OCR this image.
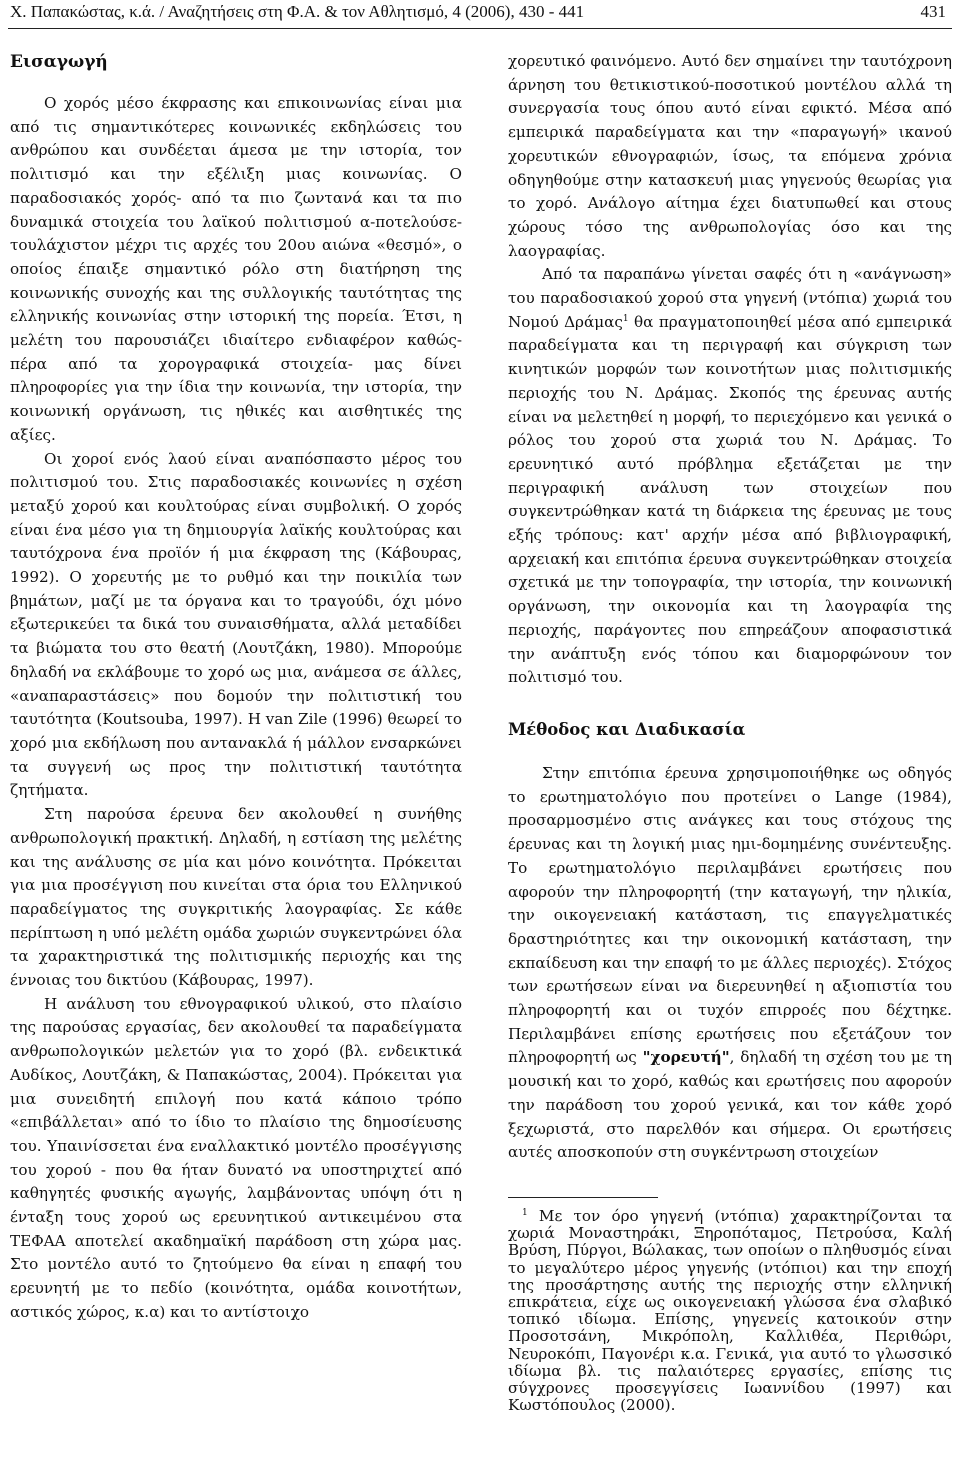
Χ. Παπακώστας, κ.ά. / Αναζητήσεις στη Φ.Α. & τον Αθλητισμό, 4 (2006), 430 - 441	431
Εισαγωγή

Ο χορός μέσο έκφρασης και επικοινωνίας είναι μια από τις σημαντικότερες κοινωνικές εκδηλώσεις του ανθρώπου και συνδέεται άμεσα με την ιστορία, τον πολιτισμό και την εξέλιξη μιας κοινωνίας. Ο παραδοσιακός χορός- από τα πιο ζωντανά και τα πιο δυναμικά στοιχεία του λαϊκού πολιτισμού α-ποτελούσε- τουλάχιστον μέχρι τις αρχές του 20ου αιώνα «θεσμό», ο οποίος έπαιξε σημαντικό ρόλο στη διατήρηση της κοινωνικής συνοχής και της συλλογικής ταυτότητας της ελληνικής κοινωνίας στην ιστορική της πορεία. Έτσι, η μελέτη του παρουσιάζει ιδιαίτερο ενδιαφέρον καθώς- πέρα από τα χορογραφικά στοιχεία- μας δίνει πληροφορίες για την ίδια την κοινωνία, την ιστορία, την κοινωνική οργάνωση, τις ηθικές και αισθητικές της αξίες.

Οι χοροί ενός λαού είναι αναπόσπαστο μέρος του πολιτισμού του. Στις παραδοσιακές κοινωνίες η σχέση μεταξύ χορού και κουλτούρας είναι συμβολική. Ο χορός είναι ένα μέσο για τη δημιουργία λαϊκής κουλτούρας και ταυτόχρονα ένα προϊόν ή μια έκφραση της (Κάβουρας, 1992). Ο χορευτής με το ρυθμό και την ποικιλία των βημάτων, μαζί με τα όργανα και το τραγούδι, όχι μόνο εξωτερικεύει τα δικά του συναισθήματα, αλλά μεταδίδει τα βιώματα του στο θεατή (Λουτζάκη, 1980). Μπορούμε δηλαδή να εκλάβουμε το χορό ως μια, ανάμεσα σε άλλες, «αναπαραστάσεις» που δομούν την πολιτιστική του ταυτότητα (Koutsouba, 1997). Η van Zile (1996) θεωρεί το χορό μια εκδήλωση που αντανακλά ή μάλλον ενσαρκώνει τα συγγενή ως προς την πολιτιστική ταυτότητα ζητήματα.

Στη παρούσα έρευνα δεν ακολουθεί η συνήθης ανθρωπολογική πρακτική. Δηλαδή, η εστίαση της μελέτης και της ανάλυσης σε μία και μόνο κοινότητα. Πρόκειται για μια προσέγγιση που κινείται στα όρια του Ελληνικού παραδείγματος της συγκριτικής λαογραφίας. Σε κάθε περίπτωση η υπό μελέτη ομάδα χωριών συγκεντρώνει όλα τα χαρακτηριστικά της πολιτισμικής περιοχής και της έννοιας του δικτύου (Κάβουρας, 1997).

Η ανάλυση του εθνογραφικού υλικού, στο πλαίσιο της παρούσας εργασίας, δεν ακολουθεί τα παραδείγματα ανθρωπολογικών μελετών για το χορό (βλ. ενδεικτικά Αυδίκος, Λουτζάκη, & Παπακώστας, 2004). Πρόκειται για μια συνειδητή επιλογή που κατά κάποιο τρόπο «επιβάλλεται» από το ίδιο το πλαίσιο της δημοσίευσης του. Υπαινίσσεται ένα εναλλακτικό μοντέλο προσέγγισης του χορού - που θα ήταν δυνατό να υποστηριχτεί από καθηγητές φυσικής αγωγής, λαμβάνοντας υπόψη ότι η ένταξη τους χορού ως ερευνητικού αντικειμένου στα ΤΕΦΑΑ αποτελεί ακαδημαϊκή παράδοση στη χώρα μας. Στο μοντέλο αυτό το ζητούμενο θα είναι η επαφή του ερευνητή με το πεδίο (κοινότητα, ομάδα κοινοτήτων, αστικός χώρος, κ.α) και το αντίστοιχο

χορευτικό φαινόμενο. Αυτό δεν σημαίνει την ταυτόχρονη άρνηση του θετικιστικού-ποσοτικού μοντέλου αλλά τη συνεργασία τους όπου αυτό είναι εφικτό. Μέσα από εμπειρικά παραδείγματα και την «παραγωγή» ικανού χορευτικών εθνογραφιών, ίσως, τα επόμενα χρόνια οδηγηθούμε στην κατασκευή μιας γηγενούς θεωρίας για το χορό. Ανάλογο αίτημα έχει διατυπωθεί και στους χώρους τόσο της ανθρωπολογίας όσο και της λαογραφίας.

Από τα παραπάνω γίνεται σαφές ότι η «ανάγνωση» του παραδοσιακού χορού στα γηγενή (ντόπια) χωριά του Νομού Δράμας$^1$ θα πραγματοποιηθεί μέσα από εμπειρικά παραδείγματα και τη περιγραφή και σύγκριση των κινητικών μορφών των κοινοτήτων μιας πολιτισμικής περιοχής του Ν. Δράμας. Σκοπός της έρευνας αυτής είναι να μελετηθεί η μορφή, το περιεχόμενο και γενικά ο ρόλος του χορού στα χωριά του Ν. Δράμας. Το ερευνητικό αυτό πρόβλημα εξετάζεται με την περιγραφική ανάλυση των στοιχείων που συγκεντρώθηκαν κατά τη διάρκεια της έρευνας με τους εξής τρόπους: κατ' αρχήν μέσα από βιβλιογραφική, αρχειακή και επιτόπια έρευνα συγκεντρώθηκαν στοιχεία σχετικά με την τοπογραφία, την ιστορία, την κοινωνική οργάνωση, την οικονομία και τη λαογραφία της περιοχής, παράγοντες που επηρεάζουν αποφασιστικά την ανάπτυξη ενός τόπου και διαμορφώνουν τον πολιτισμό του.

Μέθοδος και Διαδικασία

Στην επιτόπια έρευνα χρησιμοποιήθηκε ως οδηγός το ερωτηματολόγιο που προτείνει ο Lange (1984), προσαρμοσμένο στις ανάγκες και τους στόχους της έρευνας και τη λογική μιας ημι-δομημένης συνέντευξης. Το ερωτηματολόγιο περιλαμβάνει ερωτήσεις που αφορούν την πληροφορητή (την καταγωγή, την ηλικία, την οικογενειακή κατάσταση, τις επαγγελματικές δραστηριότητες και την οικονομική κατάσταση, την εκπαίδευση και την επαφή το με άλλες περιοχές). Στόχος των ερωτήσεων είναι να διερευνηθεί η αξιοπιστία του πληροφορητή και οι τυχόν επιρροές που δέχτηκε. Περιλαμβάνει επίσης ερωτήσεις που εξετάζουν τον πληροφορητή ως "χορευτή", δηλαδή τη σχέση του με τη μουσική και το χορό, καθώς και ερωτήσεις που αφορούν την παράδοση του χορού γενικά, και τον κάθε χορό ξεχωριστά, στο παρελθόν και σήμερα. Οι ερωτήσεις αυτές αποσκοπούν στη συγκέντρωση στοιχείων

$^1$ Με τον όρο γηγενή (ντόπια) χαρακτηρίζονται τα χωριά Μοναστηράκι, Ξηροπόταμος, Πετρούσα, Καλή Βρύση, Πύργοι, Βώλακας, των οποίων ο πληθυσμός είναι το μεγαλύτερο μέρος γηγενής (ντόπιοι) και την εποχή της προσάρτησης αυτής της περιοχής στην ελληνική επικράτεια, είχε ως οικογενειακή γλώσσα ένα σλαβικό τοπικό ιδίωμα. Επίσης, γηγενείς κατοικούν στην Προσοτσάνη, Μικρόπολη, Καλλιθέα, Περιθώρι, Νευροκόπι, Παγονέρι κ.α. Γενικά, για αυτό το γλωσσικό ιδίωμα βλ. τις παλαιότερες εργασίες, επίσης τις σύγχρονες προσεγγίσεις Ιωαννίδου (1997) και Κωστόπουλος (2000).
